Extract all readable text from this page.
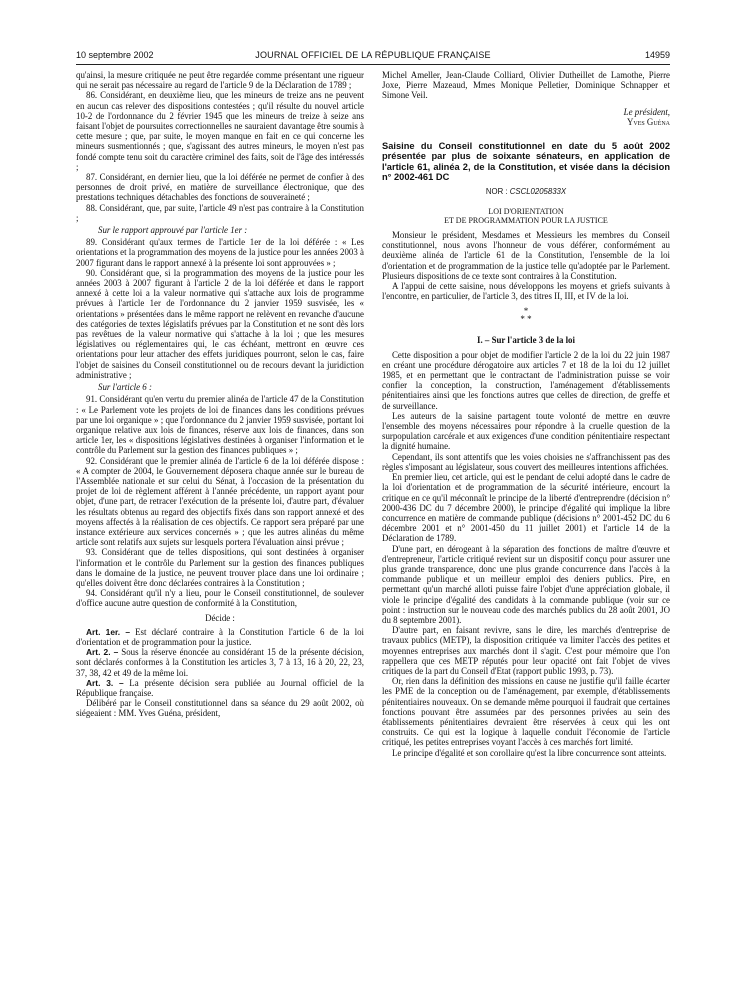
10 septembre 2002	JOURNAL OFFICIEL DE LA RÉPUBLIQUE FRANÇAISE	14959

qu'ainsi, la mesure critiquée ne peut être regardée comme présentant une rigueur qui ne serait pas nécessaire au regard de l'article 9 de la Déclaration de 1789 ;

86. Considérant, en deuxième lieu, que les mineurs de treize ans ne peuvent en aucun cas relever des dispositions contestées ; qu'il résulte du nouvel article 10-2 de l'ordonnance du 2 février 1945 que les mineurs de treize à seize ans faisant l'objet de poursuites correctionnelles ne sauraient davantage être soumis à cette mesure ; que, par suite, le moyen manque en fait en ce qui concerne les mineurs susmentionnés ; que, s'agissant des autres mineurs, le moyen n'est pas fondé compte tenu soit du caractère criminel des faits, soit de l'âge des intéressés ;

87. Considérant, en dernier lieu, que la loi déférée ne permet de confier à des personnes de droit privé, en matière de surveillance électronique, que des prestations techniques détachables des fonctions de souveraineté ;

88. Considérant, que, par suite, l'article 49 n'est pas contraire à la Constitution ;

Sur le rapport approuvé par l'article 1er :

89. Considérant qu'aux termes de l'article 1er de la loi déférée : « Les orientations et la programmation des moyens de la justice pour les années 2003 à 2007 figurant dans le rapport annexé à la présente loi sont approuvées » ;

90. Considérant que, si la programmation des moyens de la justice pour les années 2003 à 2007 figurant à l'article 2 de la loi déférée et dans le rapport annexé à cette loi a la valeur normative qui s'attache aux lois de programme prévues à l'article 1er de l'ordonnance du 2 janvier 1959 susvisée, les « orientations » présentées dans le même rapport ne relèvent en revanche d'aucune des catégories de textes législatifs prévues par la Constitution et ne sont dès lors pas revêtues de la valeur normative qui s'attache à la loi ; que les mesures législatives ou réglementaires qui, le cas échéant, mettront en œuvre ces orientations pour leur attacher des effets juridiques pourront, selon le cas, faire l'objet de saisines du Conseil constitutionnel ou de recours devant la juridiction administrative ;

Sur l'article 6 :

91. Considérant qu'en vertu du premier alinéa de l'article 47 de la Constitution : « Le Parlement vote les projets de loi de finances dans les conditions prévues par une loi organique » ; que l'ordonnance du 2 janvier 1959 susvisée, portant loi organique relative aux lois de finances, réserve aux lois de finances, dans son article 1er, les « dispositions législatives destinées à organiser l'information et le contrôle du Parlement sur la gestion des finances publiques » ;

92. Considérant que le premier alinéa de l'article 6 de la loi déférée dispose : « A compter de 2004, le Gouvernement déposera chaque année sur le bureau de l'Assemblée nationale et sur celui du Sénat, à l'occasion de la présentation du projet de loi de règlement afférent à l'année précédente, un rapport ayant pour objet, d'une part, de retracer l'exécution de la présente loi, d'autre part, d'évaluer les résultats obtenus au regard des objectifs fixés dans son rapport annexé et des moyens affectés à la réalisation de ces objectifs. Ce rapport sera préparé par une instance extérieure aux services concernés » ; que les autres alinéas du même article sont relatifs aux sujets sur lesquels portera l'évaluation ainsi prévue ;

93. Considérant que de telles dispositions, qui sont destinées à organiser l'information et le contrôle du Parlement sur la gestion des finances publiques dans le domaine de la justice, ne peuvent trouver place dans une loi ordinaire ; qu'elles doivent être donc déclarées contraires à la Constitution ;

94. Considérant qu'il n'y a lieu, pour le Conseil constitutionnel, de soulever d'office aucune autre question de conformité à la Constitution,

Décide :

Art. 1er. – Est déclaré contraire à la Constitution l'article 6 de la loi d'orientation et de programmation pour la justice.

Art. 2. – Sous la réserve énoncée au considérant 15 de la présente décision, sont déclarés conformes à la Constitution les articles 3, 7 à 13, 16 à 20, 22, 23, 37, 38, 42 et 49 de la même loi.

Art. 3. – La présente décision sera publiée au Journal officiel de la République française.

Délibéré par le Conseil constitutionnel dans sa séance du 29 août 2002, où siégeaient : MM. Yves Guéna, président,

Michel Ameller, Jean-Claude Colliard, Olivier Dutheillet de Lamothe, Pierre Joxe, Pierre Mazeaud, Mmes Monique Pelletier, Dominique Schnapper et Simone Veil.

Le président,

Yves Guéna

Saisine du Conseil constitutionnel en date du 5 août 2002 présentée par plus de soixante sénateurs, en application de l'article 61, alinéa 2, de la Constitution, et visée dans la décision n° 2002-461 DC

NOR : CSCL0205833X

LOI D'ORIENTATION
ET DE PROGRAMMATION POUR LA JUSTICE

Monsieur le président, Mesdames et Messieurs les membres du Conseil constitutionnel, nous avons l'honneur de vous déférer, conformément au deuxième alinéa de l'article 61 de la Constitution, l'ensemble de la loi d'orientation et de programmation de la justice telle qu'adoptée par le Parlement. Plusieurs dispositions de ce texte sont contraires à la Constitution.

A l'appui de cette saisine, nous développons les moyens et griefs suivants à l'encontre, en particulier, de l'article 3, des titres II, III, et IV de la loi.

*
* *

I. – Sur l'article 3 de la loi

Cette disposition a pour objet de modifier l'article 2 de la loi du 22 juin 1987 en créant une procédure dérogatoire aux articles 7 et 18 de la loi du 12 juillet 1985, et en permettant que le contractant de l'administration puisse se voir confier la conception, la construction, l'aménagement d'établissements pénitentiaires ainsi que les fonctions autres que celles de direction, de greffe et de surveillance.

Les auteurs de la saisine partagent toute volonté de mettre en œuvre l'ensemble des moyens nécessaires pour répondre à la cruelle question de la surpopulation carcérale et aux exigences d'une condition pénitentiaire respectant la dignité humaine.

Cependant, ils sont attentifs que les voies choisies ne s'affranchissent pas des règles s'imposant au législateur, sous couvert des meilleures intentions affichées.

En premier lieu, cet article, qui est le pendant de celui adopté dans le cadre de la loi d'orientation et de programmation de la sécurité intérieure, encourt la critique en ce qu'il méconnaît le principe de la liberté d'entreprendre (décision n° 2000-436 DC du 7 décembre 2000), le principe d'égalité qui implique la libre concurrence en matière de commande publique (décisions n° 2001-452 DC du 6 décembre 2001 et n° 2001-450 du 11 juillet 2001) et l'article 14 de la Déclaration de 1789.

D'une part, en dérogeant à la séparation des fonctions de maître d'œuvre et d'entrepreneur, l'article critiqué revient sur un dispositif conçu pour assurer une plus grande transparence, donc une plus grande concurrence dans l'accès à la commande publique et un meilleur emploi des deniers publics. Pire, en permettant qu'un marché alloti puisse faire l'objet d'une appréciation globale, il viole le principe d'égalité des candidats à la commande publique (voir sur ce point : instruction sur le nouveau code des marchés publics du 28 août 2001, JO du 8 septembre 2001).

D'autre part, en faisant revivre, sans le dire, les marchés d'entreprise de travaux publics (METP), la disposition critiquée va limiter l'accès des petites et moyennes entreprises aux marchés dont il s'agit. C'est pour mémoire que l'on rappellera que ces METP réputés pour leur opacité ont fait l'objet de vives critiques de la part du Conseil d'Etat (rapport public 1993, p. 73).

Or, rien dans la définition des missions en cause ne justifie qu'il faille écarter les PME de la conception ou de l'aménagement, par exemple, d'établissements pénitentiaires nouveaux. On se demande même pourquoi il faudrait que certaines fonctions pouvant être assumées par des personnes privées au sein des établissements pénitentiaires devraient être réservées à ceux qui les ont construits. Ce qui est la logique à laquelle conduit l'économie de l'article critiqué, les petites entreprises voyant l'accès à ces marchés fort limité.

Le principe d'égalité et son corollaire qu'est la libre concurrence sont atteints.
